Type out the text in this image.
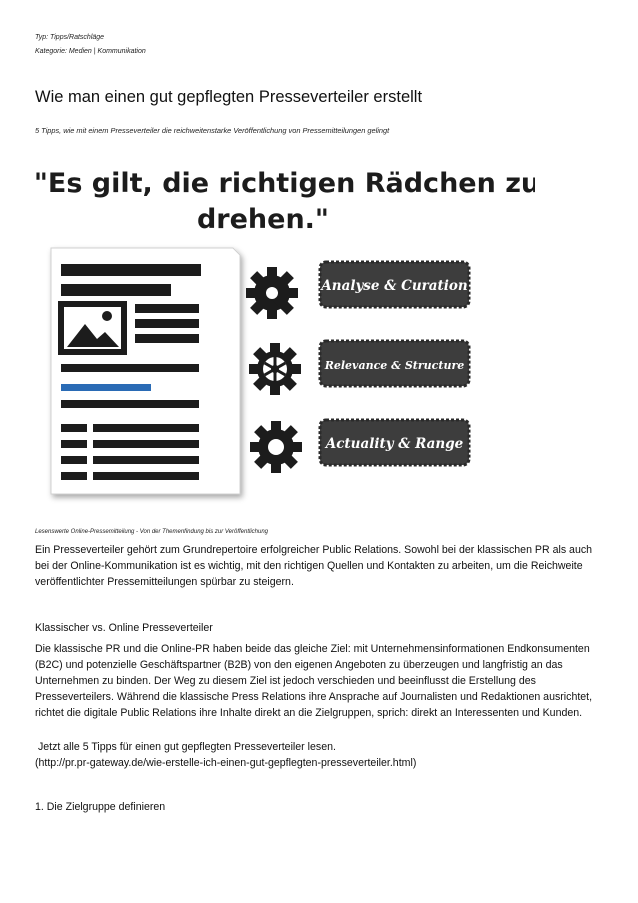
Typ: Tipps/Ratschläge
Kategorie: Medien | Kommunikation
Wie man einen gut gepflegten Presseverteiler erstellt
5 Tipps, wie mit einem Presseverteiler die reichweitenstarke Veröffentlichung von Pressemitteilungen gelingt
"Es gilt, die richtigen Rädchen zu
drehen."
Analyse & Curation
Relevance & Structure
Actuality & Range
Lesenswerte Online-Pressemitteilung - Von der Themenfindung bis zur Veröffentlichung

Ein Presseverteiler gehört zum Grundrepertoire erfolgreicher Public Relations. Sowohl bei der klassischen PR als auch bei der Online-Kommunikation ist es wichtig, mit den richtigen Quellen und Kontakten zu arbeiten, um die Reichweite veröffentlichter Pressemitteilungen spürbar zu steigern.

Klassischer vs. Online Presseverteiler

Die klassische PR und die Online-PR haben beide das gleiche Ziel: mit Unternehmensinformationen Endkonsumenten (B2C) und potenzielle Geschäftspartner (B2B) von den eigenen Angeboten zu überzeugen und langfristig an das Unternehmen zu binden. Der Weg zu diesem Ziel ist jedoch verschieden und beeinflusst die Erstellung des Presseverteilers. Während die klassische Press Relations ihre Ansprache auf Journalisten und Redaktionen ausrichtet, richtet die digitale Public Relations ihre Inhalte direkt an die Zielgruppen, sprich: direkt an Interessenten und Kunden.

Jetzt alle 5 Tipps für einen gut gepflegten Presseverteiler lesen.
(http://pr.pr-gateway.de/wie-erstelle-ich-einen-gut-gepflegten-presseverteiler.html)

1. Die Zielgruppe definieren
